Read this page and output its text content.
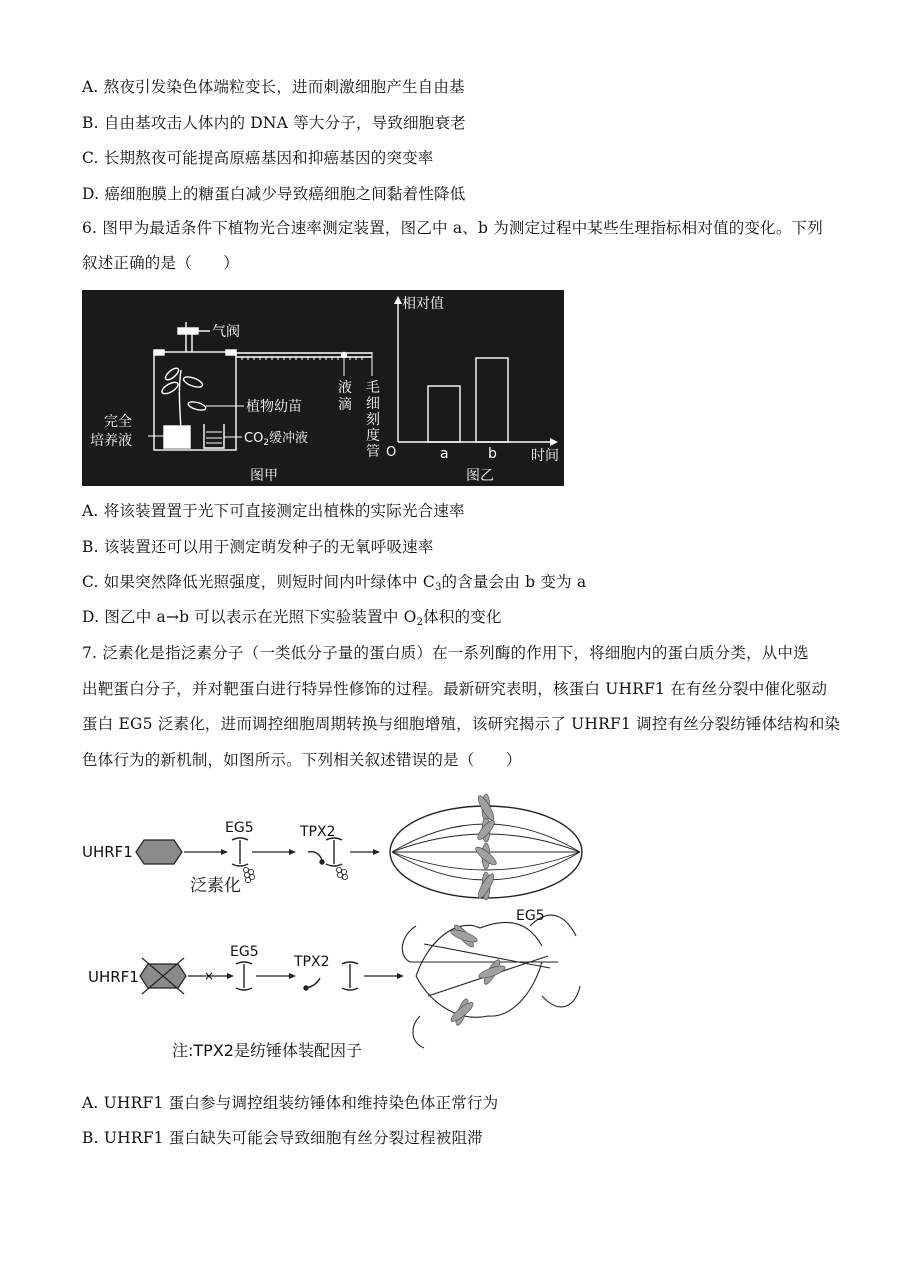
A. 熬夜引发染色体端粒变长，进而刺激细胞产生自由基
B. 自由基攻击人体内的 DNA 等大分子，导致细胞衰老
C. 长期熬夜可能提高原癌基因和抑癌基因的突变率
D. 癌细胞膜上的糖蛋白减少导致癌细胞之间黏着性降低
6. 图甲为最适条件下植物光合速率测定装置，图乙中 a、b 为测定过程中某些生理指标相对值的变化。下列
叙述正确的是（　　）
气阀
植物幼苗
$CO_2$缓冲液
完全
培养液
液
滴
毛
细
刻
度
管
图甲
a	b
相对值
时间
O
图乙
A. 将该装置置于光下可直接测定出植株的实际光合速率
B. 该装置还可以用于测定萌发种子的无氧呼吸速率
C. 如果突然降低光照强度，则短时间内叶绿体中 $C_3$的含量会由 b 变为 a
D. 图乙中 a→b 可以表示在光照下实验装置中 $O_2$体积的变化
7. 泛素化是指泛素分子（一类低分子量的蛋白质）在一系列酶的作用下，将细胞内的蛋白质分类，从中选
出靶蛋白分子，并对靶蛋白进行特异性修饰的过程。最新研究表明，核蛋白 UHRF1 在有丝分裂中催化驱动
蛋白 EG5 泛素化，进而调控细胞周期转换与细胞增殖，该研究揭示了 UHRF1 调控有丝分裂纺锤体结构和染
色体行为的新机制，如图所示。下列相关叙述错误的是（　　）
UHRF1
EG5
泛素化
TPX2
UHRF1	×
EG5
TPX2
EG5
注:TPX2是纺锤体装配因子
A. UHRF1 蛋白参与调控组装纺锤体和维持染色体正常行为
B. UHRF1 蛋白缺失可能会导致细胞有丝分裂过程被阻滞
